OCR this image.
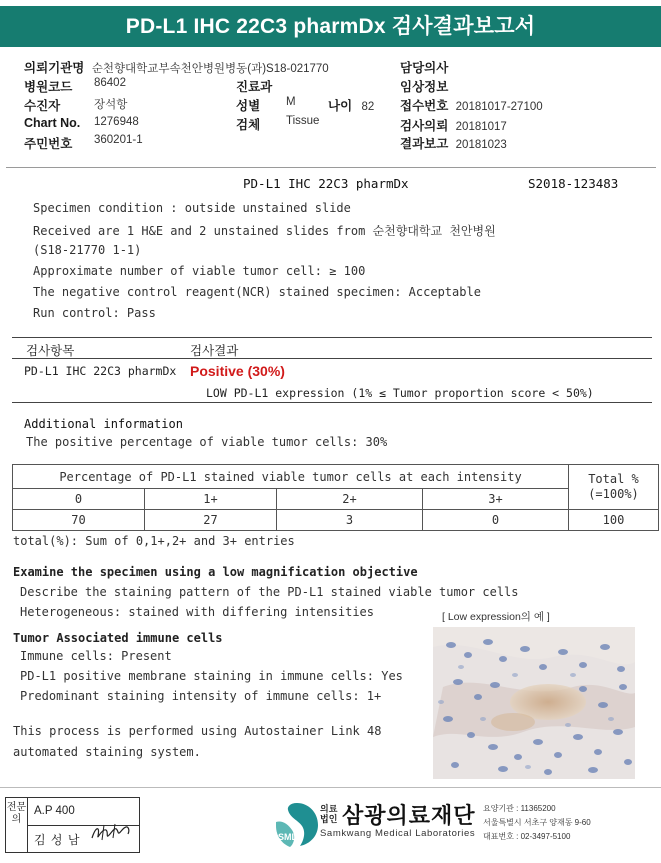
PD-L1 IHC 22C3 pharmDx 검사결과보고서
의뢰기관명 순천향대학교부속천안병원병동(과)S18-021770	담당의사
병원코드 86402	진료과	임상정보
수진자	장석항	성별 M	나이 82 접수번호 20181017-27100
Chart No. 1276948	검체 Tissue	검사의뢰 20181017
주민번호 360201-1	결과보고 20181023
PD-L1 IHC 22C3 pharmDx	S2018-123483
Specimen condition : outside unstained slide
Received are 1 H&E and 2 unstained slides from 순천향대학교 천안병원
(S18-21770 1-1)
Approximate number of viable tumor cell: ≥ 100
The negative control reagent(NCR) stained specimen: Acceptable
Run control: Pass
검사항목	검사결과
PD-L1 IHC 22C3 pharmDx Positive (30%)
LOW PD-L1 expression (1% ≤ Tumor proportion score < 50%)
Additional information
The positive percentage of viable tumor cells: 30%
Percentage of PD-L1 stained viable tumor cells at each intensity				Total %
(=100%)
0	1+	2+	3+	
70	27	3	0	100
total(%): Sum of 0,1+,2+ and 3+ entries
Examine the specimen using a low magnification objective
Describe the staining pattern of the PD-L1 stained viable tumor cells
Heterogeneous: stained with differing intensities	[ Low expression의 예 ]
Tumor Associated immune cells
Immune cells: Present
PD-L1 positive membrane staining in immune cells: Yes
Predominant staining intensity of immune cells: 1+
This process is performed using Autostainer Link 48
automated staining system.
전문의
A.P 400
김 성 남	SML
의료
법인 삼광의료재단
Samkwang Medical Laboratories
요양기관 : 11365200
서울특별시 서초구 양재동 9-60
대표번호 : 02-3497-5100
